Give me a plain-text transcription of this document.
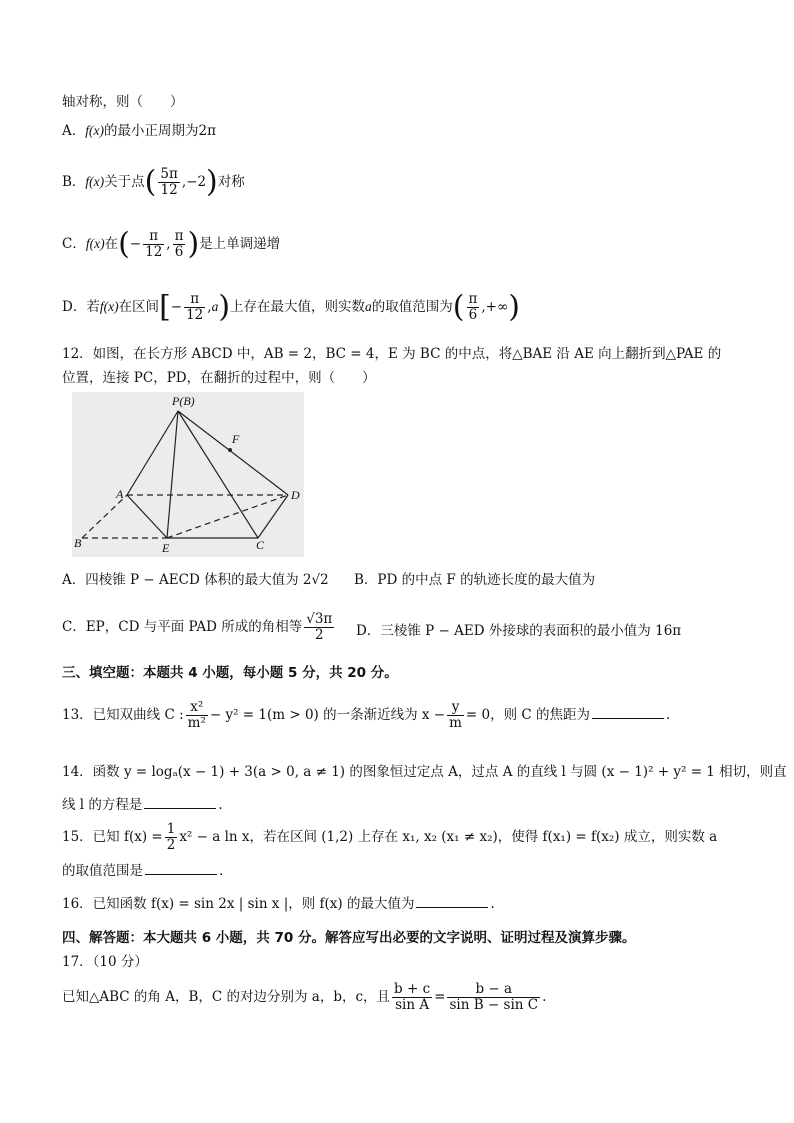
轴对称，则（　　）
A．f(x)的最小正周期为2π
B．f(x)关于点( $\frac{5\pi}{12} ,-2$)对称
C．f(x)在(− $\frac{\pi}{12}$ , $\frac{\pi}{6}$ )是上单调递增
D．若f(x)在区间[− $\frac{\pi}{12} ,a$)上存在最大值，则实数a的取值范围为( $\frac{\pi}{6}$ ,+∞)
12．如图，在长方形 ABCD 中，AB = 2，BC = 4，E 为 BC 的中点，将△BAE 沿 AE 向上翻折到△PAE 的
位置，连接 PC，PD，在翻折的过程中，则（　　）
P(B)
F
A	D
B	E	C
A．四棱锥 P − AECD 体积的最大值为 2√2 B．PD 的中点 F 的轨迹长度的最大值为
C．EP，CD 与平面 PAD 所成的角相等 $\frac{√3\pi}{2}$ D．三棱锥 P − AED 外接球的表面积的最小值为 16π
三、填空题：本题共 4 小题，每小题 5 分，共 20 分。
13．已知双曲线 C : $\frac{\text{x²}}{\text{m²}} - y^2 = 1(m > 0)$ 的一条渐近线为 $x - \frac{y}{m} = 0$，则 C 的焦距为	.
14．函数 y = logₐ(x − 1) + 3(a > 0, a ≠ 1) 的图象恒过定点 A，过点 A 的直线 l 与圆 (x − 1)² + y² = 1 相切，则直
线 l 的方程是	.
15．已知 $f(x) = \frac{1}{2} x^2 - a$ ln x，若在区间 (1,2) 上存在 x₁, x₂ (x₁ ≠ x₂)，使得 f(x₁) = f(x₂) 成立，则实数 a
的取值范围是	.
16．已知函数 f(x) = sin 2x | sin x |，则 f(x) 的最大值为	.
四、解答题：本大题共 6 小题，共 70 分。解答应写出必要的文字说明、证明过程及演算步骤。
17．（10 分）
已知△ABC 的角 A，B，C 的对边分别为 a，b，c，且 $\frac{b + c}{\text{sin A}} = \frac{b - a}{\text{sin B − sin C}}$ .
